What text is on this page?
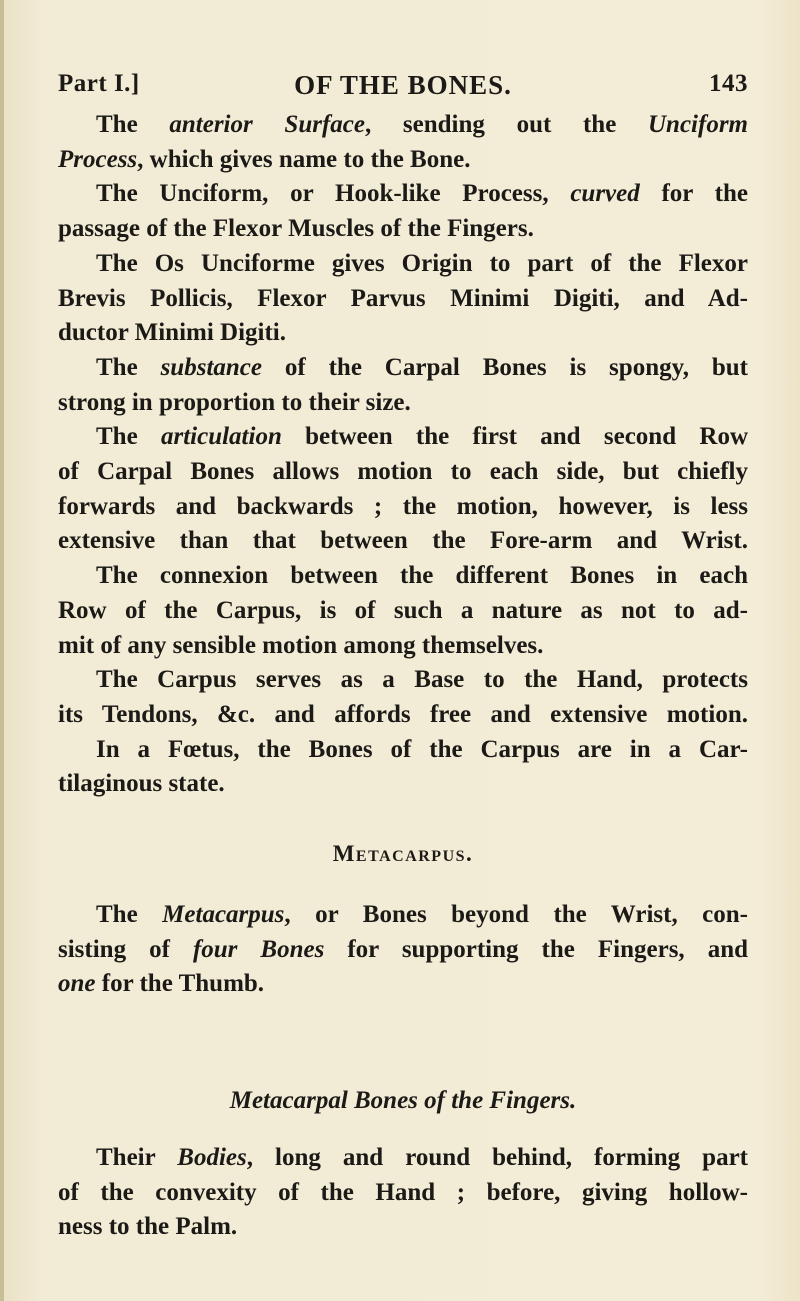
Part I.]	OF THE BONES.	143
The anterior Surface, sending out the Unciform
Process, which gives name to the Bone.
The Unciform, or Hook-like Process, curved for the
passage of the Flexor Muscles of the Fingers.
The Os Unciforme gives Origin to part of the Flexor
Brevis Pollicis, Flexor Parvus Minimi Digiti, and Ad-
ductor Minimi Digiti.
The substance of the Carpal Bones is spongy, but
strong in proportion to their size.
The articulation between the first and second Row
of Carpal Bones allows motion to each side, but chiefly
forwards and backwards ; the motion, however, is less
extensive than that between the Fore-arm and Wrist.
The connexion between the different Bones in each
Row of the Carpus, is of such a nature as not to ad-
mit of any sensible motion among themselves.
The Carpus serves as a Base to the Hand, protects
its Tendons, &c. and affords free and extensive motion.
In a Fœtus, the Bones of the Carpus are in a Car-
tilaginous state.
Metacarpus.
The Metacarpus, or Bones beyond the Wrist, con-
sisting of four Bones for supporting the Fingers, and
one for the Thumb.
Metacarpal Bones of the Fingers.
Their Bodies, long and round behind, forming part
of the convexity of the Hand ; before, giving hollow-
ness to the Palm.
